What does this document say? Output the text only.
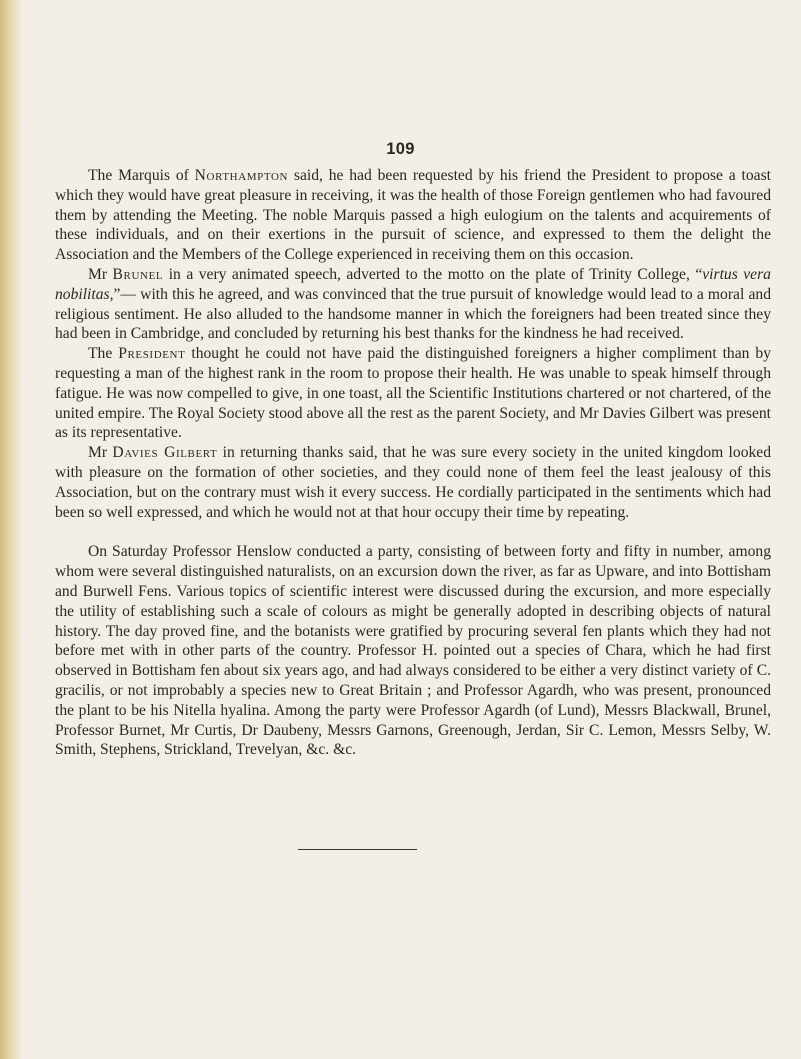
109

The Marquis of Northampton said, he had been requested by his friend the President to propose a toast which they would have great pleasure in receiving, it was the health of those Foreign gentlemen who had favoured them by attending the Meeting. The noble Marquis passed a high eulogium on the talents and acquirements of these individuals, and on their exertions in the pursuit of science, and expressed to them the delight the Association and the Members of the College experienced in receiving them on this occasion.

Mr Brunel in a very animated speech, adverted to the motto on the plate of Trinity College, “virtus vera nobilitas,”— with this he agreed, and was convinced that the true pursuit of knowledge would lead to a moral and religious sentiment. He also alluded to the handsome manner in which the foreigners had been treated since they had been in Cambridge, and concluded by returning his best thanks for the kindness he had received.

The President thought he could not have paid the distinguished foreigners a higher compliment than by requesting a man of the highest rank in the room to propose their health. He was unable to speak himself through fatigue. He was now compelled to give, in one toast, all the Scientific Institutions chartered or not chartered, of the united empire. The Royal Society stood above all the rest as the parent Society, and Mr Davies Gilbert was present as its representative.

Mr Davies Gilbert in returning thanks said, that he was sure every society in the united kingdom looked with pleasure on the formation of other societies, and they could none of them feel the least jealousy of this Association, but on the contrary must wish it every success. He cordially participated in the sentiments which had been so well expressed, and which he would not at that hour occupy their time by repeating.

On Saturday Professor Henslow conducted a party, consisting of between forty and fifty in number, among whom were several distinguished naturalists, on an excursion down the river, as far as Upware, and into Bottisham and Burwell Fens. Various topics of scientific interest were discussed during the excursion, and more especially the utility of establishing such a scale of colours as might be generally adopted in describing objects of natural history. The day proved fine, and the botanists were gratified by procuring several fen plants which they had not before met with in other parts of the country. Professor H. pointed out a species of Chara, which he had first observed in Bottisham fen about six years ago, and had always considered to be either a very distinct variety of C. gracilis, or not improbably a species new to Great Britain ; and Professor Agardh, who was present, pronounced the plant to be his Nitella hyalina. Among the party were Professor Agardh (of Lund), Messrs Blackwall, Brunel, Professor Burnet, Mr Curtis, Dr Daubeny, Messrs Garnons, Greenough, Jerdan, Sir C. Lemon, Messrs Selby, W. Smith, Stephens, Strickland, Trevelyan, &c. &c.
